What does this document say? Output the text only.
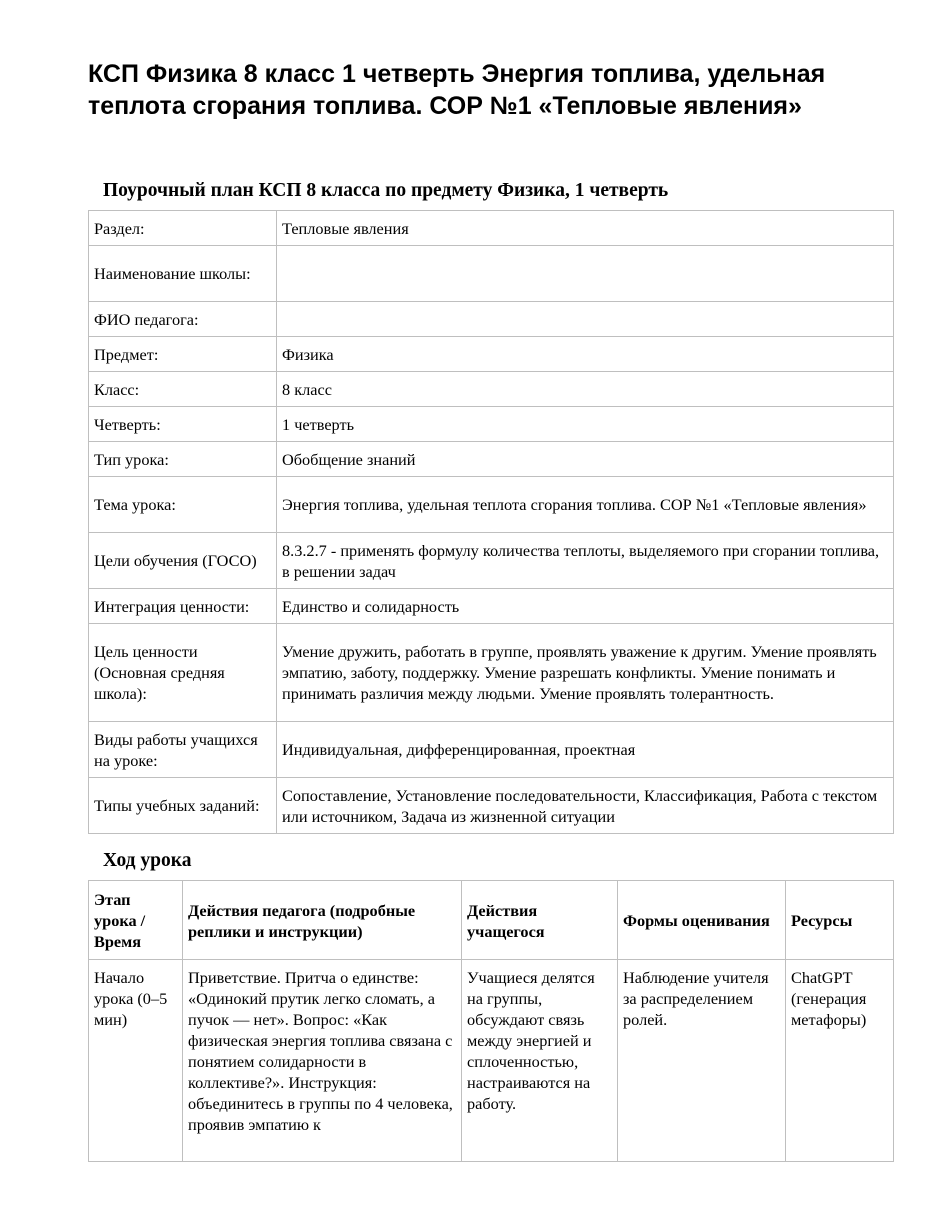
КСП Физика 8 класс 1 четверть Энергия топлива, удельная теплота сгорания топлива. СОР №1 «Тепловые явления»
Поурочный план КСП 8 класса по предмету Физика, 1 четверть
Раздел:	Тепловые явления
Наименование школы:	
ФИО педагога:	
Предмет:	Физика
Класс:	8 класс
Четверть:	1 четверть
Тип урока:	Обобщение знаний
Тема урока:	Энергия топлива, удельная теплота сгорания топлива. СОР №1 «Тепловые явления»
Цели обучения (ГОСО)	8.3.2.7 - применять формулу количества теплоты, выделяемого при сгорании топлива, в решении задач
Интеграция ценности:	Единство и солидарность
Цель ценности (Основная средняя школа):	Умение дружить, работать в группе, проявлять уважение к другим. Умение проявлять эмпатию, заботу, поддержку. Умение разрешать конфликты. Умение понимать и принимать различия между людьми. Умение проявлять толерантность.
Виды работы учащихся на уроке:	Индивидуальная, дифференцированная, проектная
Типы учебных заданий:	Сопоставление, Установление последовательности, Классификация, Работа с текстом или источником, Задача из жизненной ситуации
Ход урока
Этап урока / Время	Действия педагога (подробные реплики и инструкции)	Действия учащегося	Формы оценивания	Ресурсы
Начало урока (0–5 мин)	Приветствие. Притча о единстве: «Одинокий прутик легко сломать, а пучок — нет». Вопрос: «Как физическая энергия топлива связана с понятием солидарности в коллективе?». Инструкция: объединитесь в группы по 4 человека, проявив эмпатию к	Учащиеся делятся на группы, обсуждают связь между энергией и сплоченностью, настраиваются на работу.	Наблюдение учителя за распределением ролей.	ChatGPT (генерация метафоры)
